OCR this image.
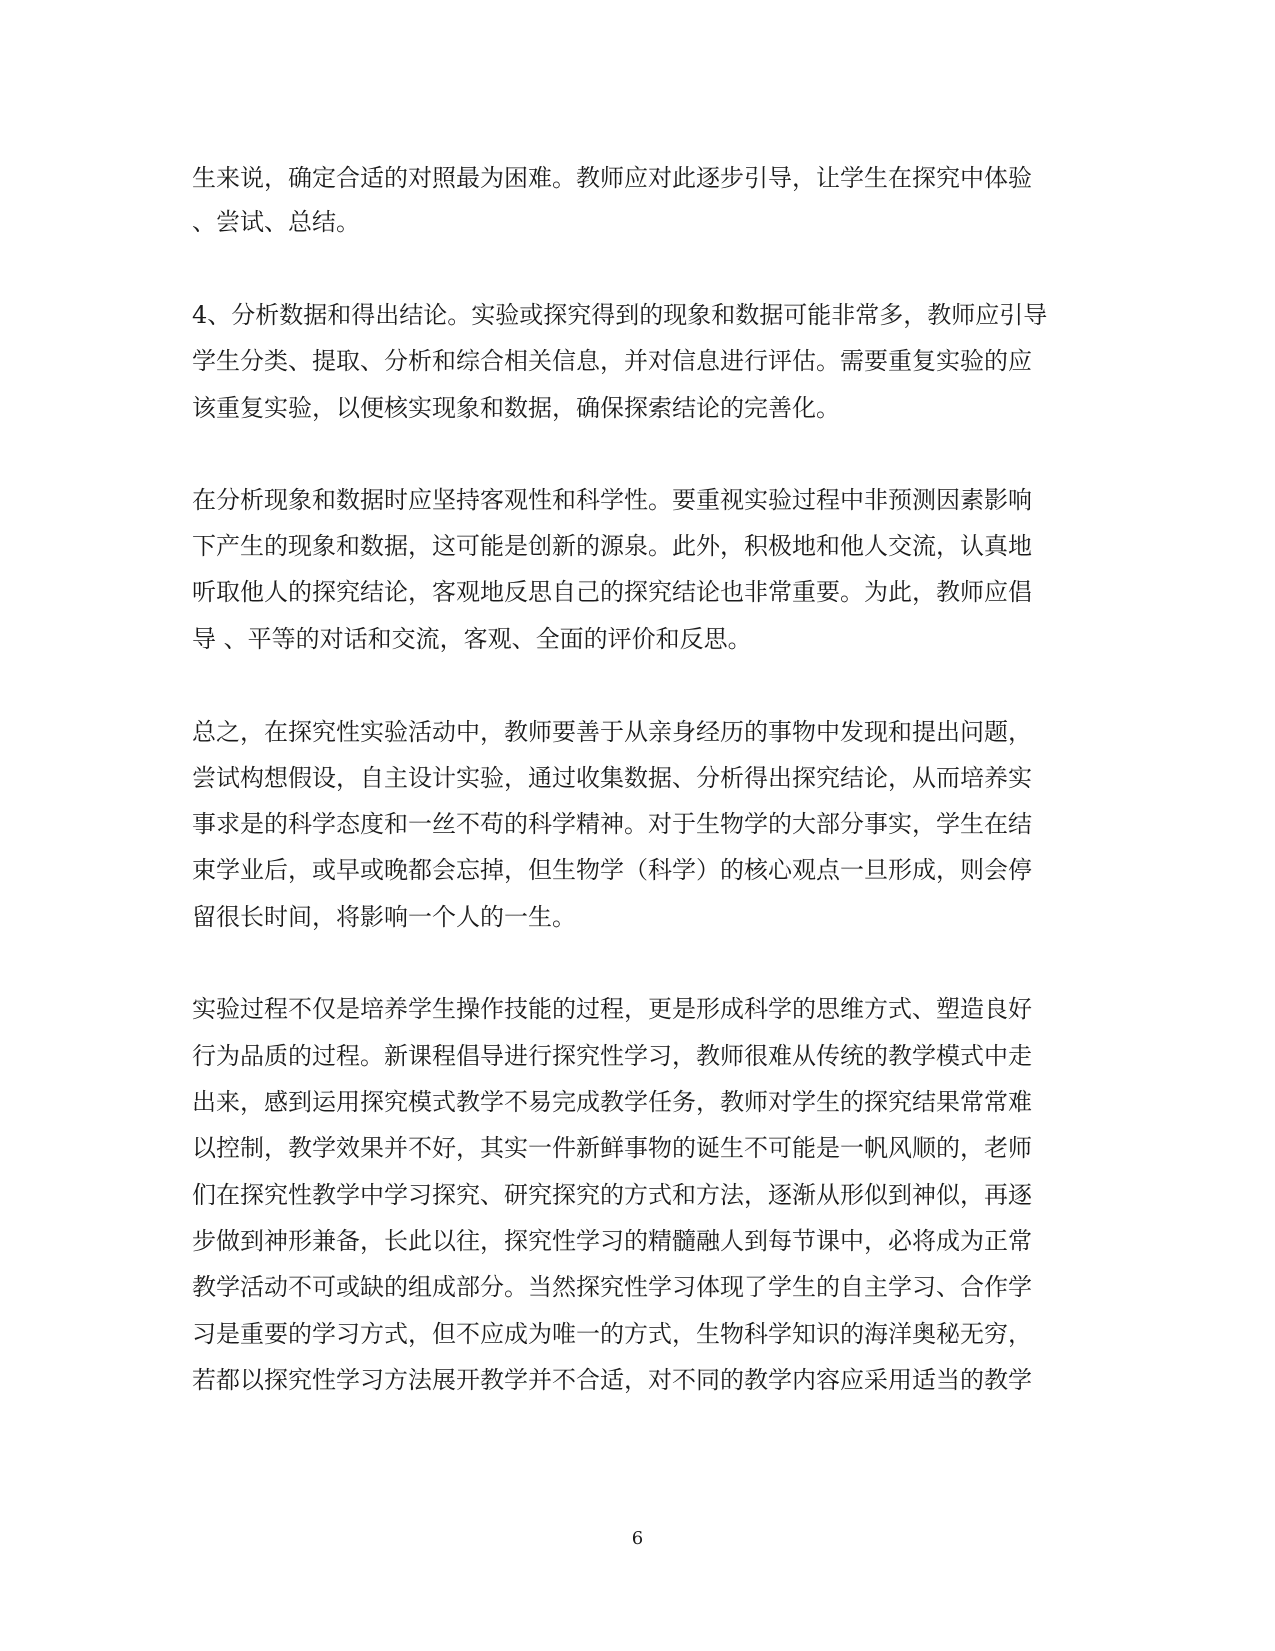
生来说，确定合适的对照最为困难。教师应对此逐步引导，让学生在探究中体验
、尝试、总结。
4、分析数据和得出结论。实验或探究得到的现象和数据可能非常多，教师应引导
学生分类、提取、分析和综合相关信息，并对信息进行评估。需要重复实验的应
该重复实验，以便核实现象和数据，确保探索结论的完善化。
在分析现象和数据时应坚持客观性和科学性。要重视实验过程中非预测因素影响
下产生的现象和数据，这可能是创新的源泉。此外，积极地和他人交流，认真地
听取他人的探究结论，客观地反思自己的探究结论也非常重要。为此，教师应倡
导 、平等的对话和交流，客观、全面的评价和反思。
总之，在探究性实验活动中，教师要善于从亲身经历的事物中发现和提出问题，
尝试构想假设，自主设计实验，通过收集数据、分析得出探究结论，从而培养实
事求是的科学态度和一丝不苟的科学精神。对于生物学的大部分事实，学生在结
束学业后，或早或晚都会忘掉，但生物学（科学）的核心观点一旦形成，则会停
留很长时间，将影响一个人的一生。
实验过程不仅是培养学生操作技能的过程，更是形成科学的思维方式、塑造良好
行为品质的过程。新课程倡导进行探究性学习，教师很难从传统的教学模式中走
出来，感到运用探究模式教学不易完成教学任务，教师对学生的探究结果常常难
以控制，教学效果并不好，其实一件新鲜事物的诞生不可能是一帆风顺的，老师
们在探究性教学中学习探究、研究探究的方式和方法，逐渐从形似到神似，再逐
步做到神形兼备，长此以往，探究性学习的精髓融人到每节课中，必将成为正常
教学活动不可或缺的组成部分。当然探究性学习体现了学生的自主学习、合作学
习是重要的学习方式，但不应成为唯一的方式，生物科学知识的海洋奥秘无穷，
若都以探究性学习方法展开教学并不合适，对不同的教学内容应采用适当的教学
6
